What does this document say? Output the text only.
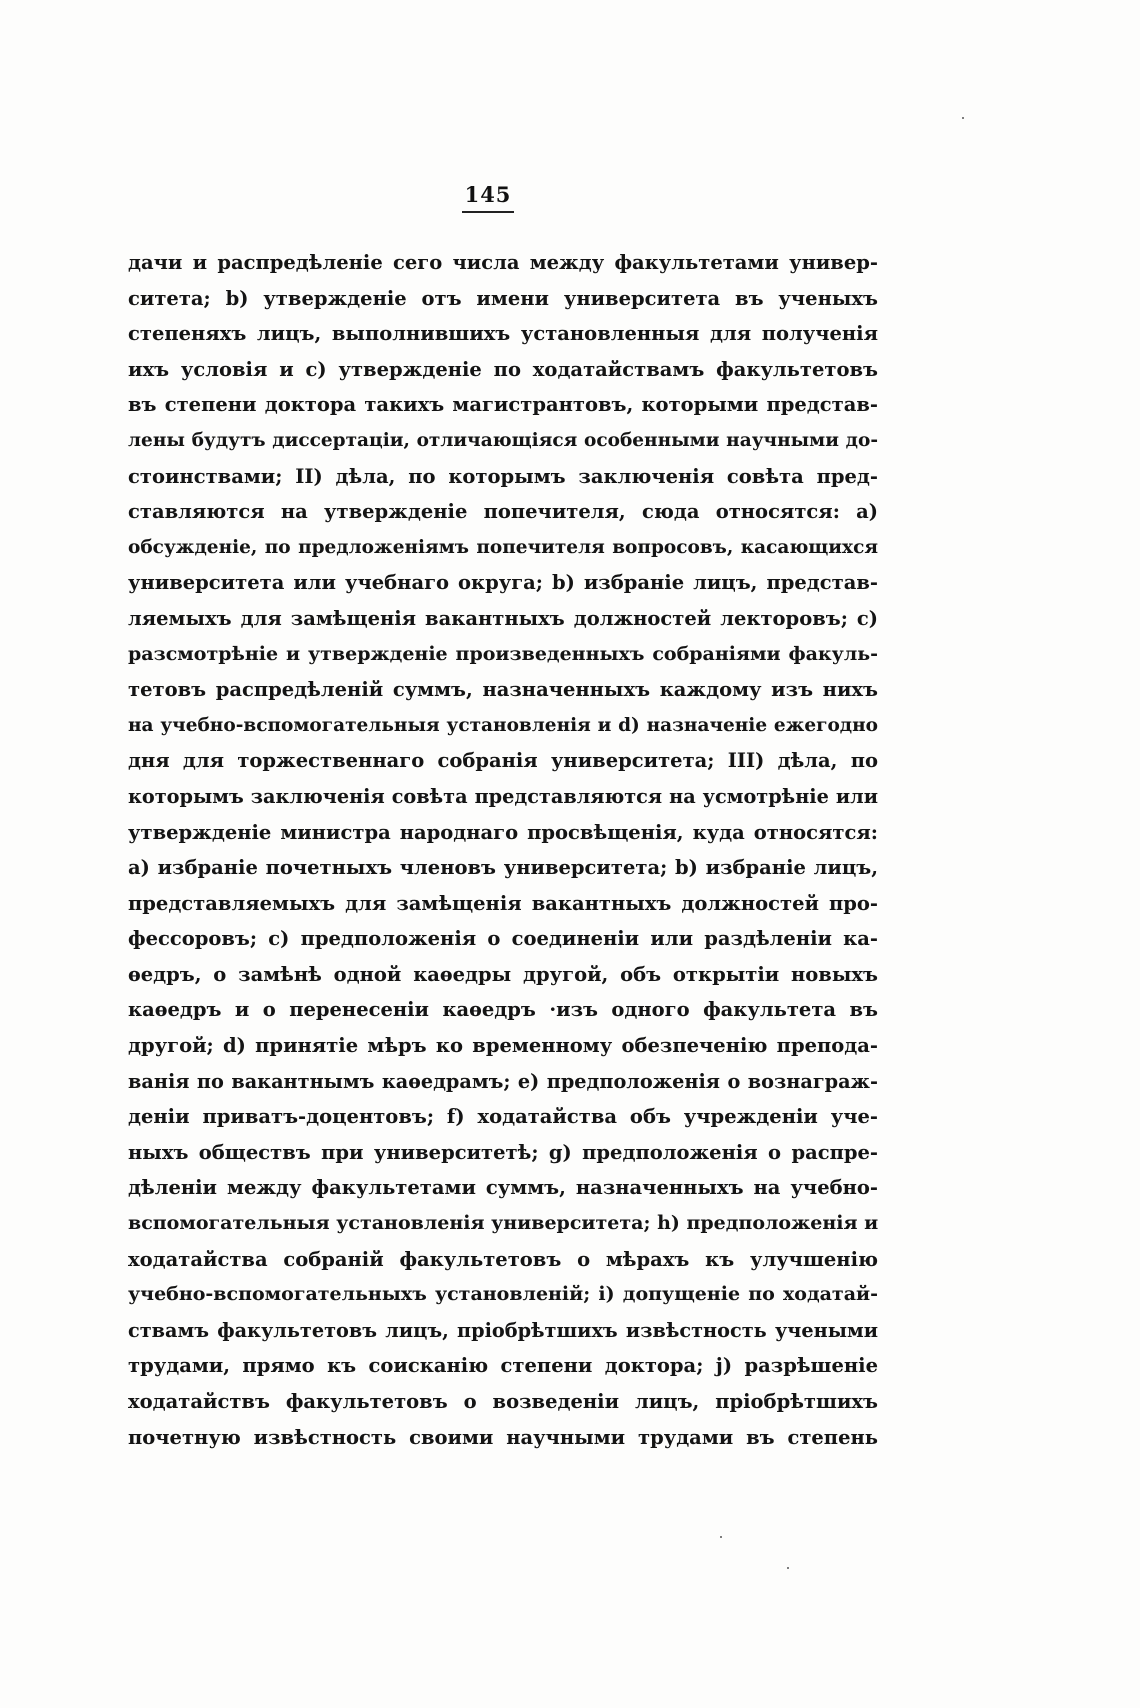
145
дачи и распредѣленіе сего числа между факультетами универ-
ситета; b) утвержденіе отъ имени университета въ ученыхъ
степеняхъ лицъ, выполнившихъ установленныя для полученія
ихъ условія и с) утвержденіе по ходатайствамъ факультетовъ
въ степени доктора такихъ магистрантовъ, которыми представ-
лены будутъ диссертаціи, отличающіяся особенными научными до-
стоинствами; II) дѣла, по которымъ заключенія совѣта пред-
ставляются на утвержденіе попечителя, сюда относятся: a)
обсужденіе, по предложеніямъ попечителя вопросовъ, касающихся
университета или учебнаго округа; b) избраніе лицъ, представ-
ляемыхъ для замѣщенія вакантныхъ должностей лекторовъ; с)
разсмотрѣніе и утвержденіе произведенныхъ собраніями факуль-
тетовъ распредѣленій суммъ, назначенныхъ каждому изъ нихъ
на учебно-вспомогательныя установленія и d) назначеніе ежегодно
дня для торжественнаго собранія университета; III) дѣла, по
которымъ заключенія совѣта представляются на усмотрѣніе или
утвержденіе министра народнаго просвѣщенія, куда относятся:
a) избраніе почетныхъ членовъ университета; b) избраніе лицъ,
представляемыхъ для замѣщенія вакантныхъ должностей про-
фессоровъ; с) предположенія о соединеніи или раздѣленіи ка-
ѳедръ, о замѣнѣ одной каѳедры другой, объ открытіи новыхъ
каѳедръ и о перенесеніи каѳедръ ·изъ одного факультета въ
другой; d) принятіе мѣръ ко временному обезпеченію препода-
ванія по вакантнымъ каѳедрамъ; e) предположенія о вознаграж-
деніи приватъ-доцентовъ; f) ходатайства объ учрежденіи уче-
ныхъ обществъ при университетѣ; g) предположенія о распре-
дѣленіи между факультетами суммъ, назначенныхъ на учебно-
вспомогательныя установленія университета; h) предположенія и
ходатайства собраній факультетовъ о мѣрахъ къ улучшенію
учебно-вспомогательныхъ установленій; i) допущеніе по ходатай-
ствамъ факультетовъ лицъ, пріобрѣтшихъ извѣстность учеными
трудами, прямо къ соисканію степени доктора; j) разрѣшеніе
ходатайствъ факультетовъ о возведеніи лицъ, пріобрѣтшихъ
почетную извѣстность своими научными трудами въ степень
